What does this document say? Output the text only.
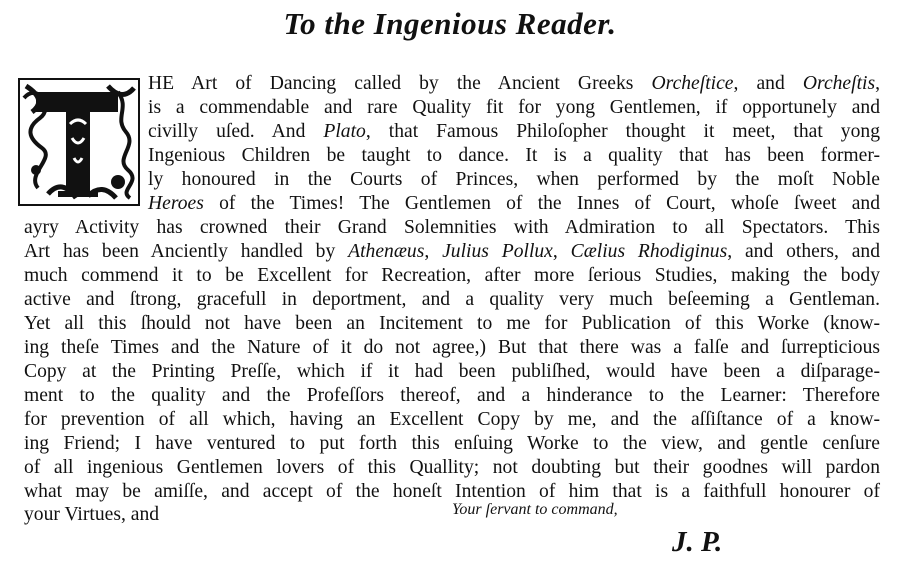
To the Ingenious Reader.
HE Art of Dancing called by the Ancient Greeks Orcheſtice, and Orcheſtis,
is a commendable and rare Quality fit for yong Gentlemen, if opportunely and
civilly uſed. And Plato, that Famous Philoſopher thought it meet, that yong
Ingenious Children be taught to dance. It is a quality that has been former-
ly honoured in the Courts of Princes, when performed by the moſt Noble
Heroes of the Times! The Gentlemen of the Innes of Court, whoſe ſweet and
ayry Activity has crowned their Grand Solemnities with Admiration to all Spectators. This
Art has been Anciently handled by Athenæus, Julius Pollux, Cælius Rhodiginus, and others, and
much commend it to be Excellent for Recreation, after more ſerious Studies, making the body
active and ſtrong, gracefull in deportment, and a quality very much beſeeming a Gentleman.
Yet all this ſhould not have been an Incitement to me for Publication of this Worke (know-
ing theſe Times and the Nature of it do not agree,) But that there was a falſe and ſurrepticious
Copy at the Printing Preſſe, which if it had been publiſhed, would have been a diſparage-
ment to the quality and the Profeſſors thereof, and a hinderance to the Learner: Therefore
for prevention of all which, having an Excellent Copy by me, and the aſſiſtance of a know-
ing Friend; I have ventured to put forth this enſuing Worke to the view, and gentle cenſure
of all ingenious Gentlemen lovers of this Quallity; not doubting but their goodnes will pardon
what may be amiſſe, and accept of the honeſt Intention of him that is a faithfull honourer of
your Virtues, and	Your ſervant to command,
J. P.
